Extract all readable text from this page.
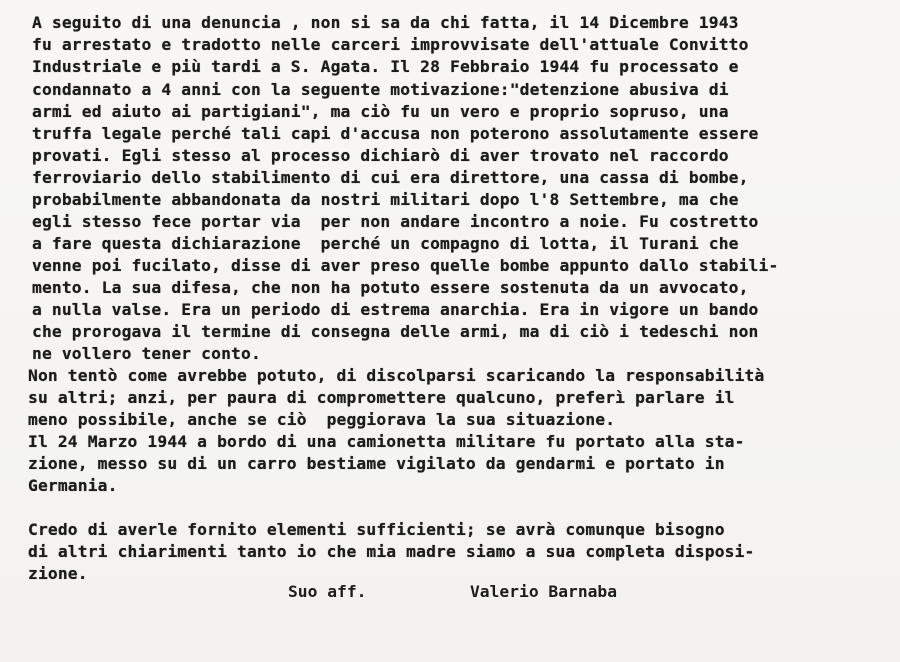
A seguito di una denuncia , non si sa da chi fatta, il 14 Dicembre 1943
fu arrestato e tradotto nelle carceri improvvisate dell'attuale Convitto
Industriale e più tardi a S. Agata. Il 28 Febbraio 1944 fu processato e
condannato a 4 anni con la seguente motivazione:"detenzione abusiva di
armi ed aiuto ai partigiani", ma ciò fu un vero e proprio sopruso, una
truffa legale perché tali capi d'accusa non poterono assolutamente essere
provati. Egli stesso al processo dichiarò di aver trovato nel raccordo
ferroviario dello stabilimento di cui era direttore, una cassa di bombe,
probabilmente abbandonata da nostri militari dopo l'8 Settembre, ma che
egli stesso fece portar via  per non andare incontro a noie. Fu costretto
a fare questa dichiarazione  perché un compagno di lotta, il Turani che
venne poi fucilato, disse di aver preso quelle bombe appunto dallo stabili-
mento. La sua difesa, che non ha potuto essere sostenuta da un avvocato,
a nulla valse. Era un periodo di estrema anarchia. Era in vigore un bando
che prorogava il termine di consegna delle armi, ma di ciò i tedeschi non
ne vollero tener conto.
Non tentò come avrebbe potuto, di discolparsi scaricando la responsabilità
su altri; anzi, per paura di compromettere qualcuno, preferì parlare il
meno possibile, anche se ciò  peggiorava la sua situazione.
Il 24 Marzo 1944 a bordo di una camionetta militare fu portato alla sta-
zione, messo su di un carro bestiame vigilato da gendarmi e portato in
Germania.
Credo di averle fornito elementi sufficienti; se avrà comunque bisogno
di altri chiarimenti tanto io che mia madre siamo a sua completa disposi-
zione.
Suo aff.	Valerio Barnaba
